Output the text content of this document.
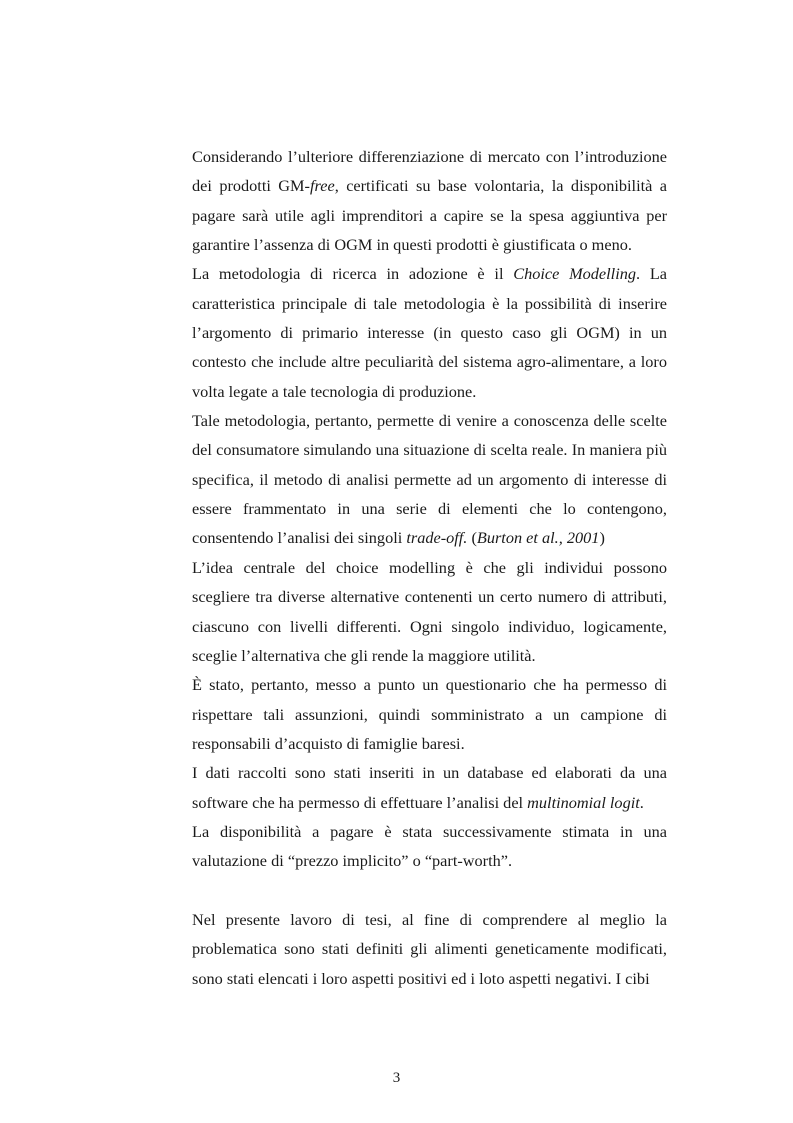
Considerando l’ulteriore differenziazione di mercato con l’introduzione dei prodotti GM-free, certificati su base volontaria, la disponibilità a pagare sarà utile agli imprenditori a capire se la spesa aggiuntiva per garantire l’assenza di OGM in questi prodotti è giustificata o meno.

La metodologia di ricerca in adozione è il Choice Modelling. La caratteristica principale di tale metodologia è la possibilità di inserire l’argomento di primario interesse (in questo caso gli OGM) in un contesto che include altre peculiarità del sistema agro-alimentare, a loro volta legate a tale tecnologia di produzione.

Tale metodologia, pertanto, permette di venire a conoscenza delle scelte del consumatore simulando una situazione di scelta reale. In maniera più specifica, il metodo di analisi permette ad un argomento di interesse di essere frammentato in una serie di elementi che lo contengono, consentendo l’analisi dei singoli trade-off. (Burton et al., 2001)

L’idea centrale del choice modelling è che gli individui possono scegliere tra diverse alternative contenenti un certo numero di attributi, ciascuno con livelli differenti. Ogni singolo individuo, logicamente, sceglie l’alternativa che gli rende la maggiore utilità.

È stato, pertanto, messo a punto un questionario che ha permesso di rispettare tali assunzioni, quindi somministrato a un campione di responsabili d’acquisto di famiglie baresi.

I dati raccolti sono stati inseriti in un database ed elaborati da una software che ha permesso di effettuare l’analisi del multinomial logit.

La disponibilità a pagare è stata successivamente stimata in una valutazione di “prezzo implicito” o “part-worth”.

Nel presente lavoro di tesi, al fine di comprendere al meglio la problematica sono stati definiti gli alimenti geneticamente modificati, sono stati elencati i loro aspetti positivi ed i loto aspetti negativi. I cibi

3
